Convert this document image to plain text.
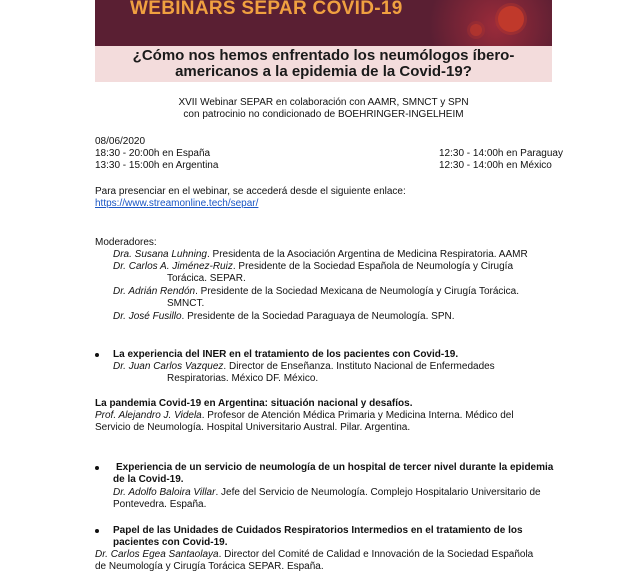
WEBINARS SEPAR COVID-19
¿Cómo nos hemos enfrentado los neumólogos íbero-
americanos a la epidemia de la Covid-19?
XVII Webinar SEPAR en colaboración con AAMR, SMNCT y SPN
con patrocinio no condicionado de BOEHRINGER-INGELHEIM
08/06/2020
18:30 - 20:00h en España
13:30 - 15:00h en Argentina
12:30 - 14:00h en Paraguay
12:30 - 14:00h en México
Para presenciar en el webinar, se accederá desde el siguiente enlace:
https://www.streamonline.tech/separ/
Moderadores:
Dra. Susana Luhning. Presidenta de la Asociación Argentina de Medicina Respiratoria. AAMR
Dr. Carlos A. Jiménez-Ruiz. Presidente de la Sociedad Española de Neumología y Cirugía
Torácica. SEPAR.
Dr. Adrián Rendón. Presidente de la Sociedad Mexicana de Neumología y Cirugía Torácica.
SMNCT.
Dr. José Fusillo. Presidente de la Sociedad Paraguaya de Neumología. SPN.
La experiencia del INER en el tratamiento de los pacientes con Covid-19.
Dr. Juan Carlos Vazquez. Director de Enseñanza. Instituto Nacional de Enfermedades
Respiratorias. México DF. México.
La pandemia Covid-19 en Argentina: situación nacional y desafíos.
Prof. Alejandro J. Videla. Profesor de Atención Médica Primaria y Medicina Interna. Médico del
Servicio de Neumología. Hospital Universitario Austral. Pilar. Argentina.
Experiencia de un servicio de neumología de un hospital de tercer nivel durante la epidemia
de la Covid-19.
Dr. Adolfo Baloira Villar. Jefe del Servicio de Neumología. Complejo Hospitalario Universitario de
Pontevedra. España.
Papel de las Unidades de Cuidados Respiratorios Intermedios en el tratamiento de los
pacientes con Covid-19.
Dr. Carlos Egea Santaolaya. Director del Comité de Calidad e Innovación de la Sociedad Española
de Neumología y Cirugía Torácica SEPAR. España.
